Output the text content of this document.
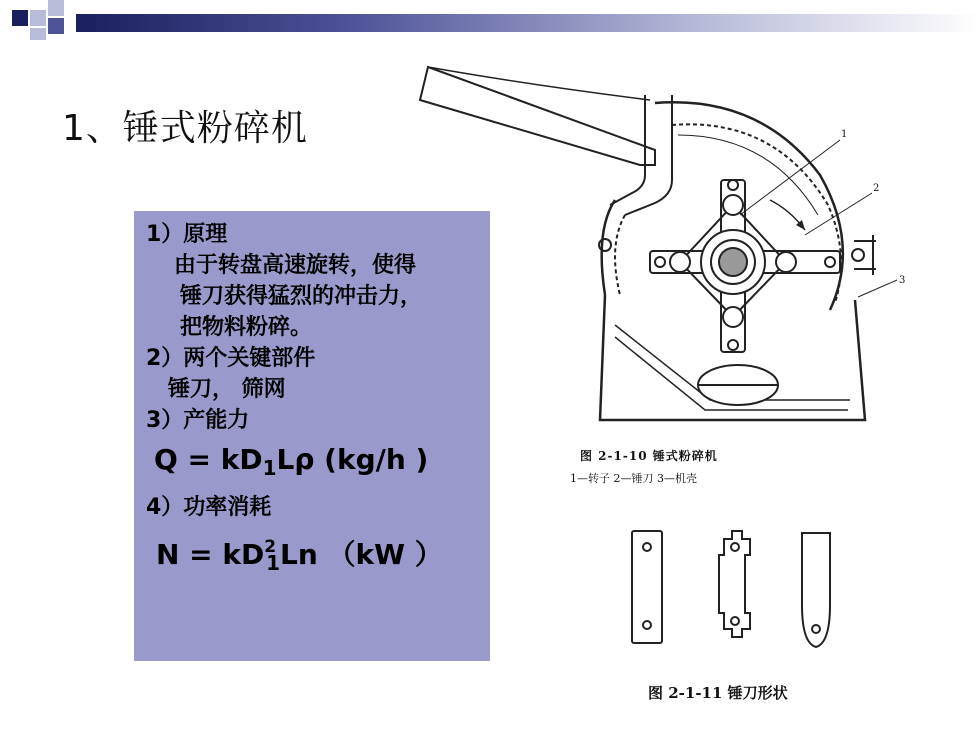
1、锤式粉碎机
1）原理
由于转盘高速旋转，使得
锤刀获得猛烈的冲击力，
把物料粉碎。
2）两个关键部件
锤刀， 筛网
3）产能力
$Q = kD_1L\rho$ (kg/h )
4）功率消耗
$N = kD^2_1Ln$ （kW ）
1
2
3
图 2-1-10 锤式粉碎机
1—转子 2—锤刀 3—机壳
图 2-1-11 锤刀形状
